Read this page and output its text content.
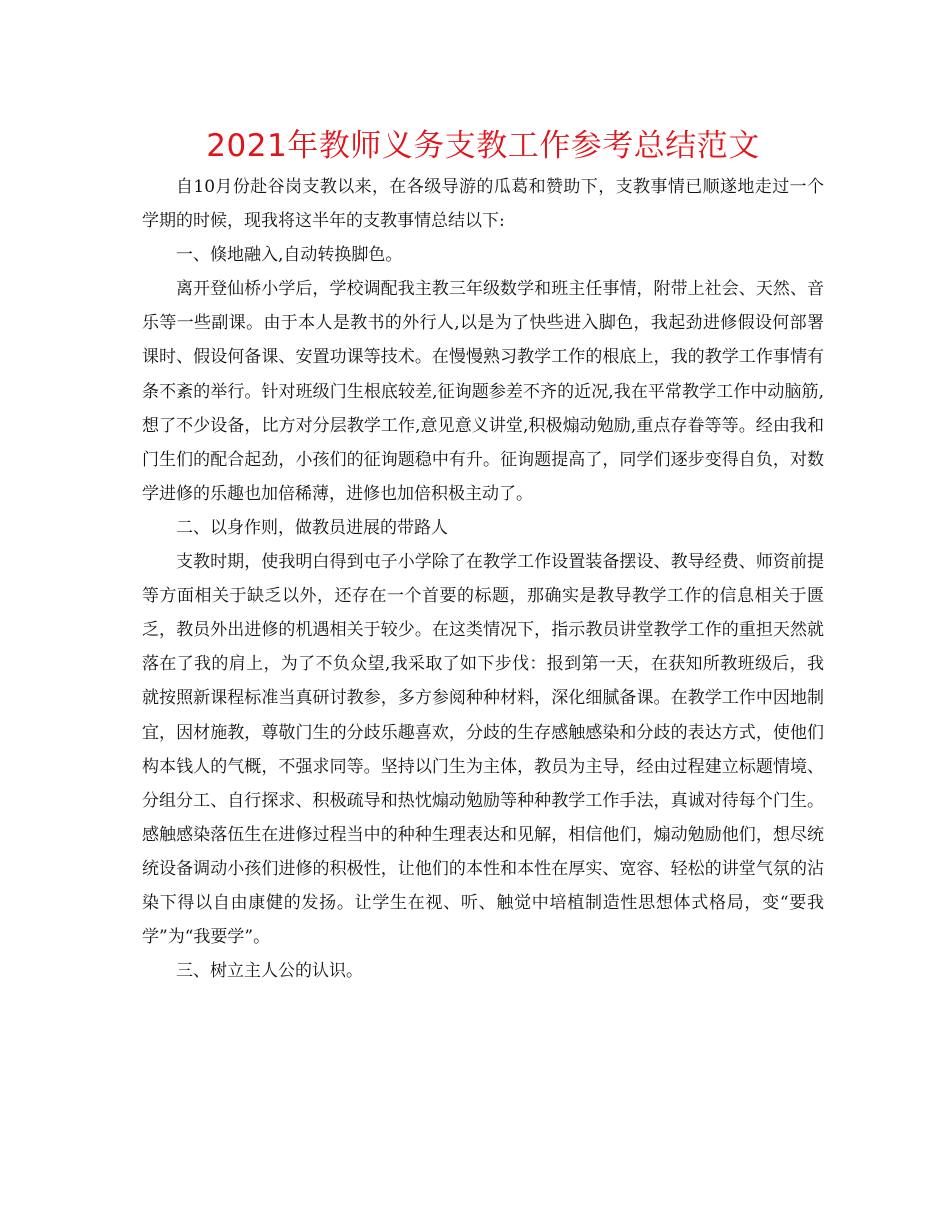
2021年教师义务支教工作参考总结范文

自10月份赴谷岗支教以来，在各级导游的瓜葛和赞助下，支教事情已顺遂地走过一个学期的时候，现我将这半年的支教事情总结以下:

一、倏地融入,自动转换脚色。

离开登仙桥小学后，学校调配我主教三年级数学和班主任事情，附带上社会、天然、音乐等一些副课。由于本人是教书的外行人,以是为了快些进入脚色，我起劲进修假设何部署课时、假设何备课、安置功课等技术。在慢慢熟习教学工作的根底上，我的教学工作事情有条不紊的举行。针对班级门生根底较差,征询题参差不齐的近况,我在平常教学工作中动脑筋,想了不少设备，比方对分层教学工作,意见意义讲堂,积极煽动勉励,重点存眷等等。经由我和门生们的配合起劲，小孩们的征询题稳中有升。征询题提高了，同学们逐步变得自负，对数学进修的乐趣也加倍稀薄，进修也加倍积极主动了。

二、以身作则，做教员进展的带路人

支教时期，使我明白得到屯子小学除了在教学工作设置装备摆设、教导经费、师资前提等方面相关于缺乏以外，还存在一个首要的标题，那确实是教导教学工作的信息相关于匮乏，教员外出进修的机遇相关于较少。在这类情况下，指示教员讲堂教学工作的重担天然就落在了我的肩上，为了不负众望,我采取了如下步伐：报到第一天，在获知所教班级后，我就按照新课程标准当真研讨教参，多方参阅种种材料，深化细腻备课。在教学工作中因地制宜，因材施教，尊敬门生的分歧乐趣喜欢，分歧的生存感触感染和分歧的表达方式，使他们构本钱人的气概，不强求同等。坚持以门生为主体，教员为主导，经由过程建立标题情境、分组分工、自行探求、积极疏导和热忱煽动勉励等种种教学工作手法，真诚对待每个门生。感触感染落伍生在进修过程当中的种种生理表达和见解，相信他们，煽动勉励他们，想尽统统设备调动小孩们进修的积极性，让他们的本性和本性在厚实、宽容、轻松的讲堂气氛的沾染下得以自由康健的发扬。让学生在视、听、触觉中培植制造性思想体式格局，变“要我学”为“我要学”。

三、树立主人公的认识。
